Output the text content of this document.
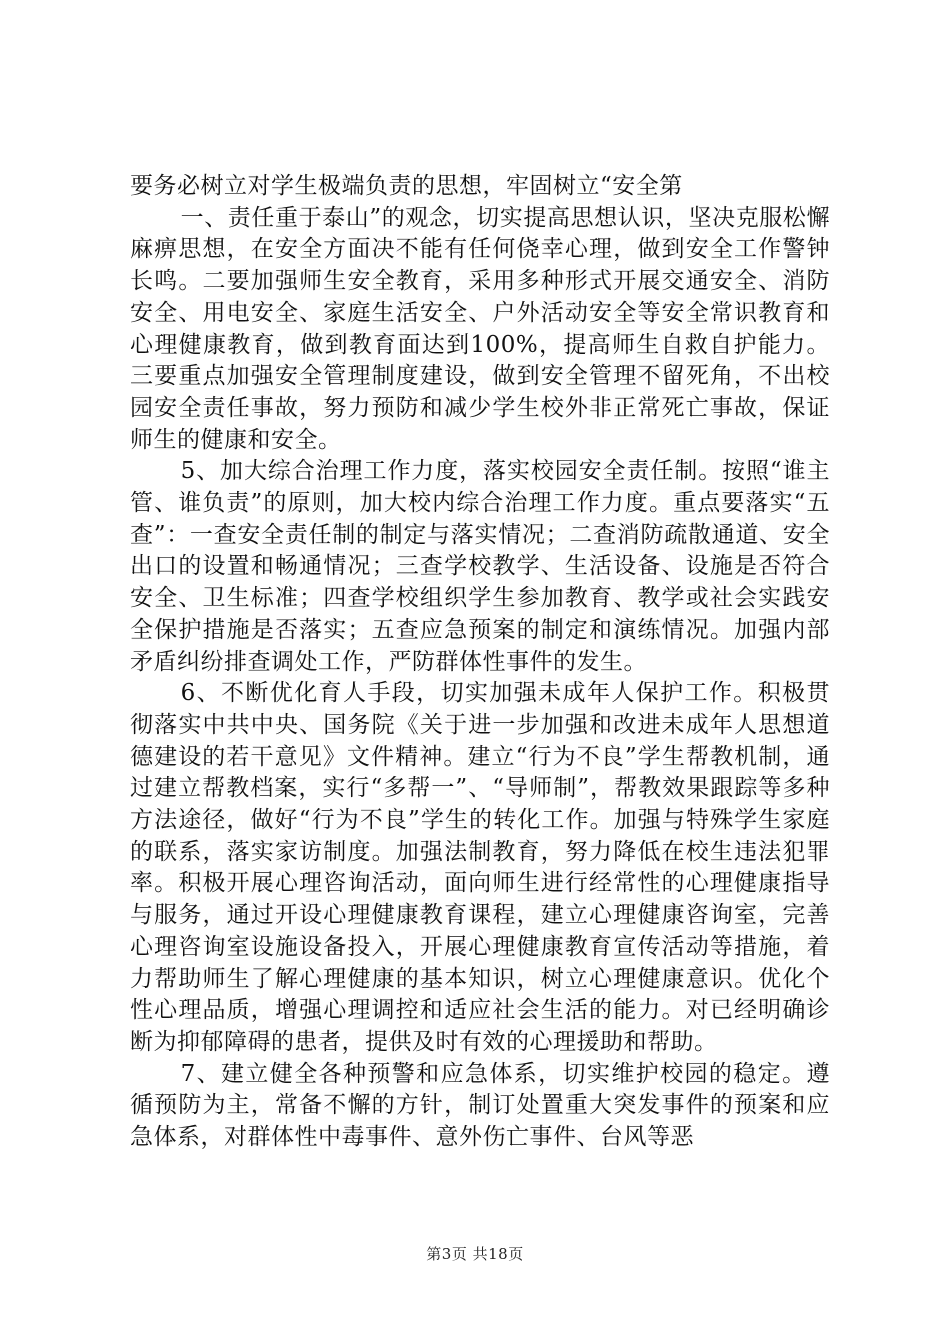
要务必树立对学生极端负责的思想，牢固树立“安全第

一、责任重于泰山”的观念，切实提高思想认识，坚决克服松懈麻痹思想，在安全方面决不能有任何侥幸心理，做到安全工作警钟长鸣。二要加强师生安全教育，采用多种形式开展交通安全、消防安全、用电安全、家庭生活安全、户外活动安全等安全常识教育和心理健康教育，做到教育面达到100%，提高师生自救自护能力。三要重点加强安全管理制度建设，做到安全管理不留死角，不出校园安全责任事故，努力预防和减少学生校外非正常死亡事故，保证师生的健康和安全。

5、加大综合治理工作力度，落实校园安全责任制。按照“谁主管、谁负责”的原则，加大校内综合治理工作力度。重点要落实“五查”：一查安全责任制的制定与落实情况；二查消防疏散通道、安全出口的设置和畅通情况；三查学校教学、生活设备、设施是否符合安全、卫生标准；四查学校组织学生参加教育、教学或社会实践安全保护措施是否落实；五查应急预案的制定和演练情况。加强内部矛盾纠纷排查调处工作，严防群体性事件的发生。

6、不断优化育人手段，切实加强未成年人保护工作。积极贯彻落实中共中央、国务院《关于进一步加强和改进未成年人思想道德建设的若干意见》文件精神。建立“行为不良”学生帮教机制，通过建立帮教档案，实行“多帮一”、“导师制”，帮教效果跟踪等多种方法途径，做好“行为不良”学生的转化工作。加强与特殊学生家庭的联系，落实家访制度。加强法制教育，努力降低在校生违法犯罪率。积极开展心理咨询活动，面向师生进行经常性的心理健康指导与服务，通过开设心理健康教育课程，建立心理健康咨询室，完善心理咨询室设施设备投入，开展心理健康教育宣传活动等措施，着力帮助师生了解心理健康的基本知识，树立心理健康意识。优化个性心理品质，增强心理调控和适应社会生活的能力。对已经明确诊断为抑郁障碍的患者，提供及时有效的心理援助和帮助。

7、建立健全各种预警和应急体系，切实维护校园的稳定。遵循预防为主，常备不懈的方针，制订处置重大突发事件的预案和应急体系，对群体性中毒事件、意外伤亡事件、台风等恶

第3页 共18页
